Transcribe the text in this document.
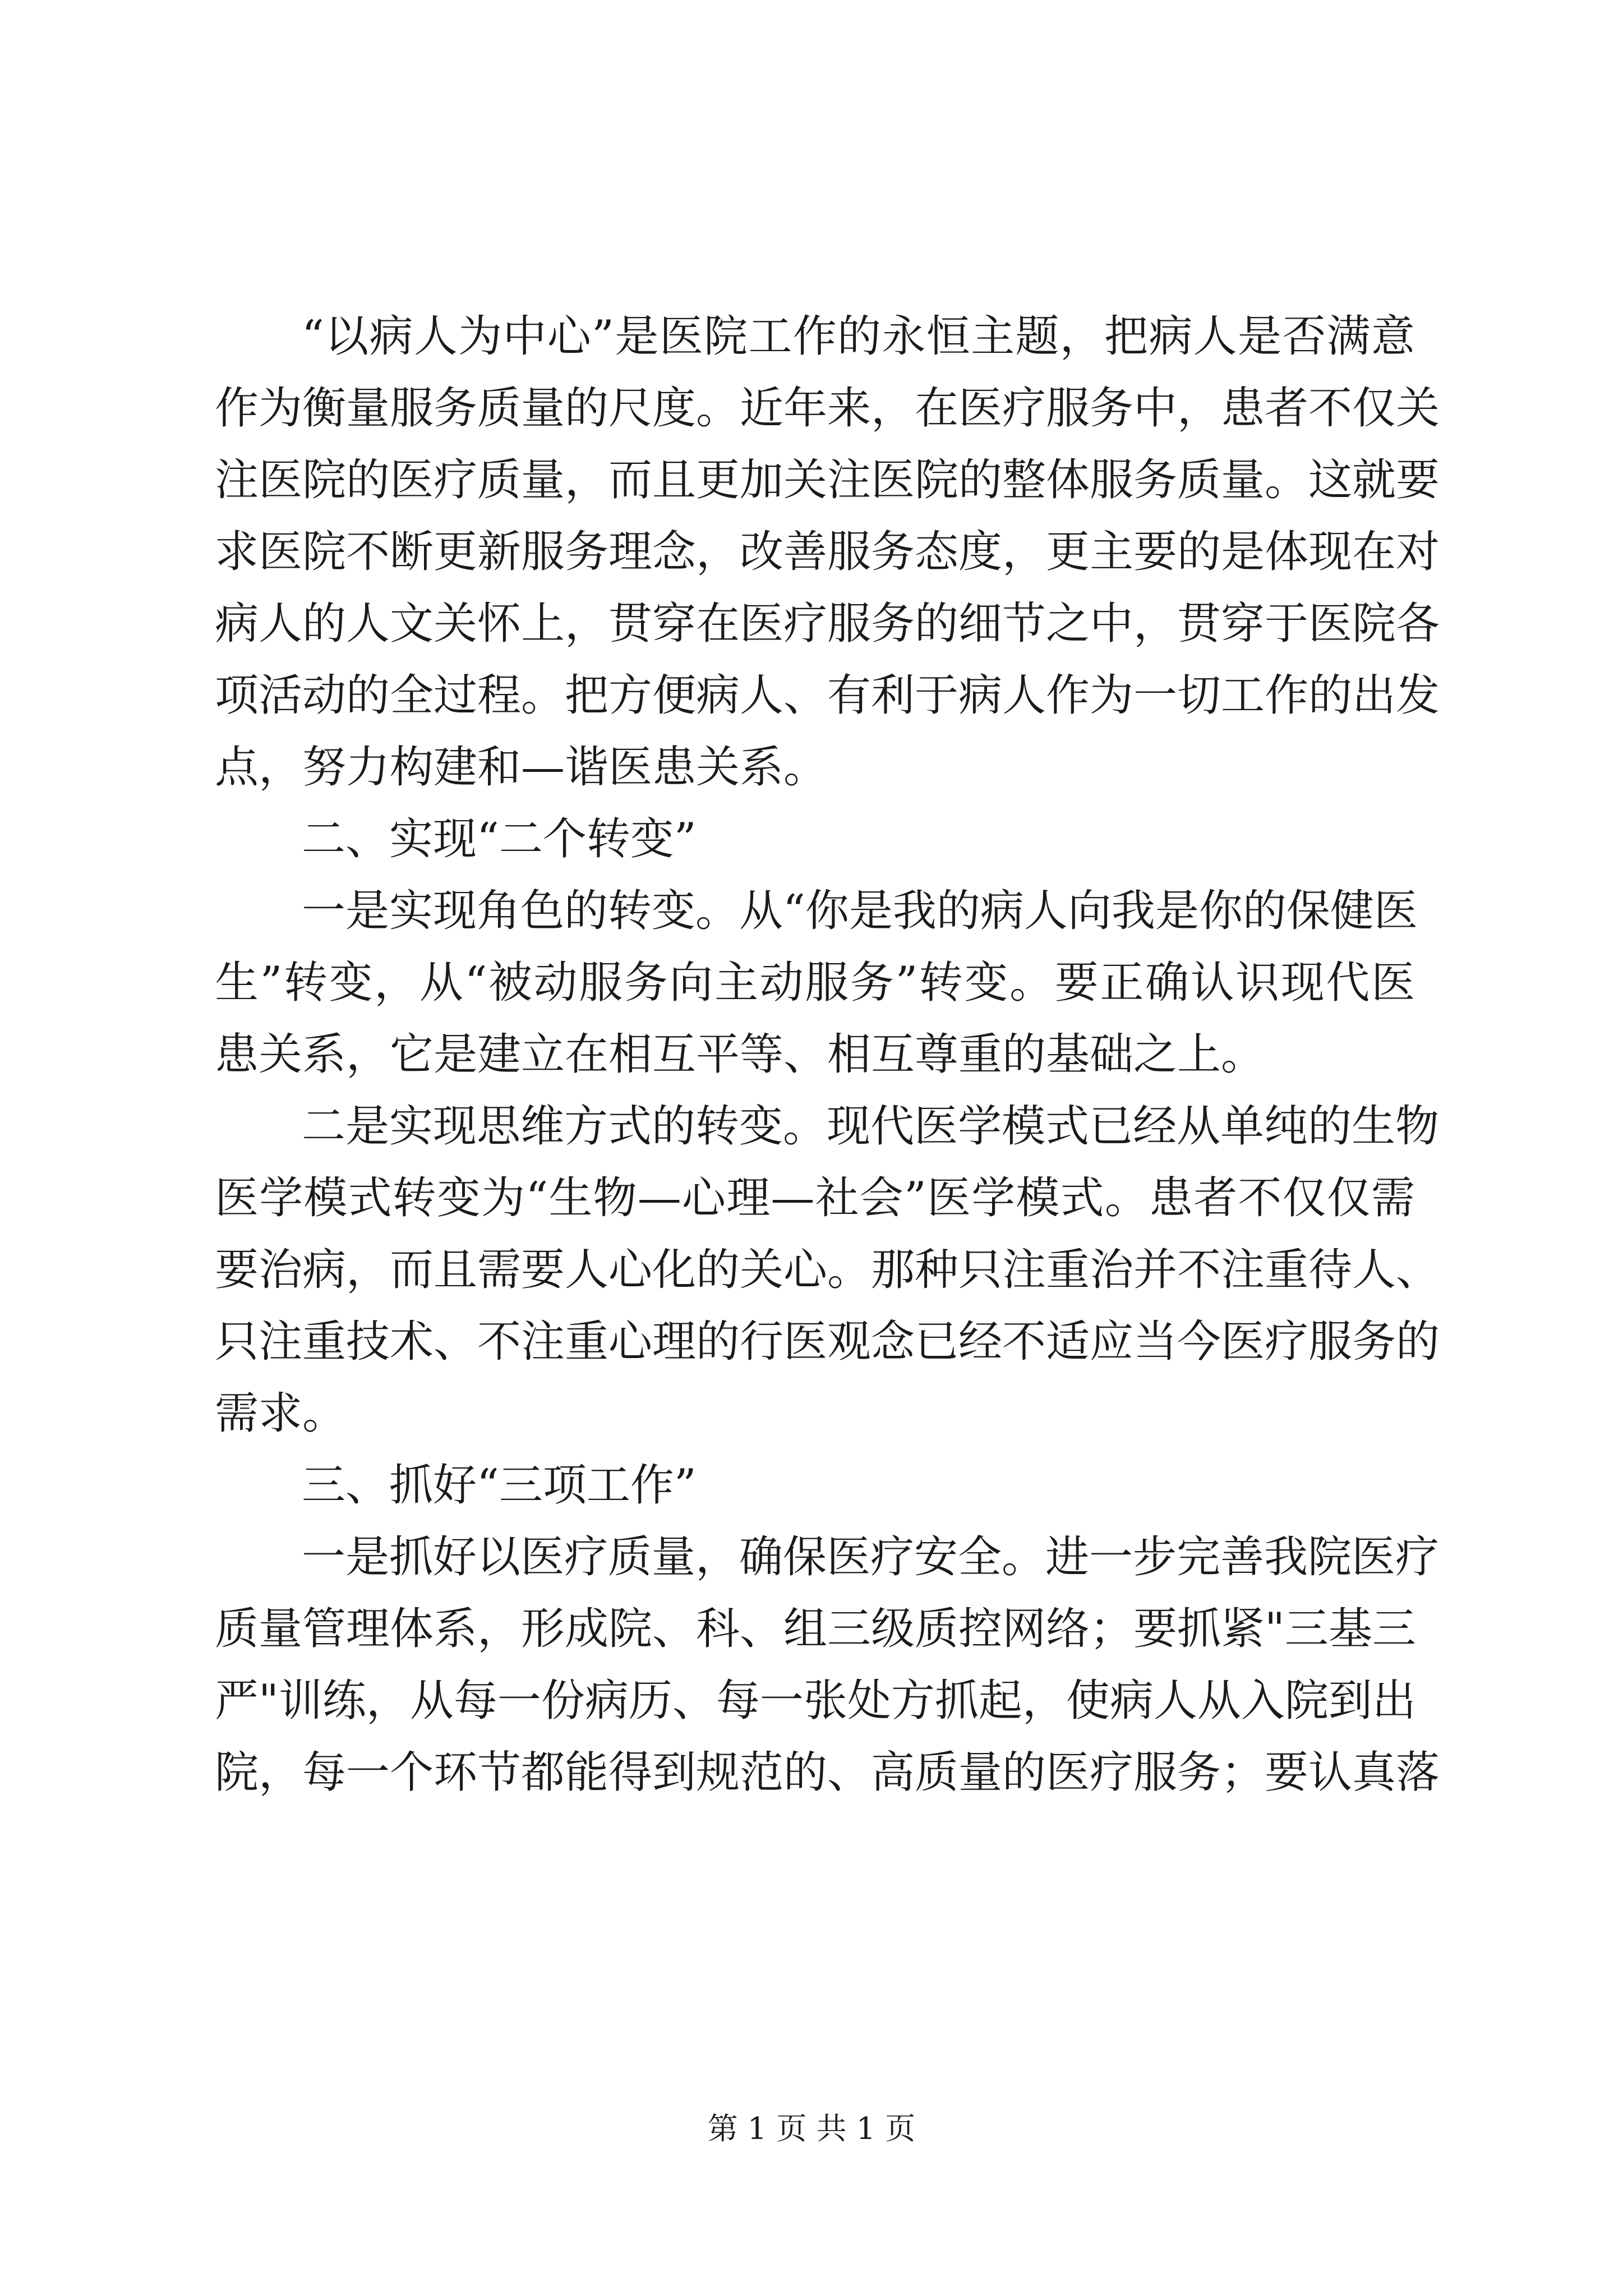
“以病人为中心”是医院工作的永恒主题，把病人是否满意
作为衡量服务质量的尺度。近年来，在医疗服务中，患者不仅关
注医院的医疗质量，而且更加关注医院的整体服务质量。这就要
求医院不断更新服务理念，改善服务态度，更主要的是体现在对
病人的人文关怀上，贯穿在医疗服务的细节之中，贯穿于医院各
项活动的全过程。把方便病人、有利于病人作为一切工作的出发
点，努力构建和—谐医患关系。
二、实现“二个转变”
一是实现角色的转变。从“你是我的病人向我是你的保健医
生”转变，从“被动服务向主动服务”转变。要正确认识现代医
患关系，它是建立在相互平等、相互尊重的基础之上。
二是实现思维方式的转变。现代医学模式已经从单纯的生物
医学模式转变为“生物—心理—社会”医学模式。患者不仅仅需
要治病，而且需要人心化的关心。那种只注重治并不注重待人、
只注重技术、不注重心理的行医观念已经不适应当今医疗服务的
需求。
三、抓好“三项工作”
一是抓好以医疗质量，确保医疗安全。进一步完善我院医疗
质量管理体系，形成院、科、组三级质控网络；要抓紧"三基三
严"训练，从每一份病历、每一张处方抓起，使病人从入院到出
院，每一个环节都能得到规范的、高质量的医疗服务；要认真落
第 1 页 共 1 页
